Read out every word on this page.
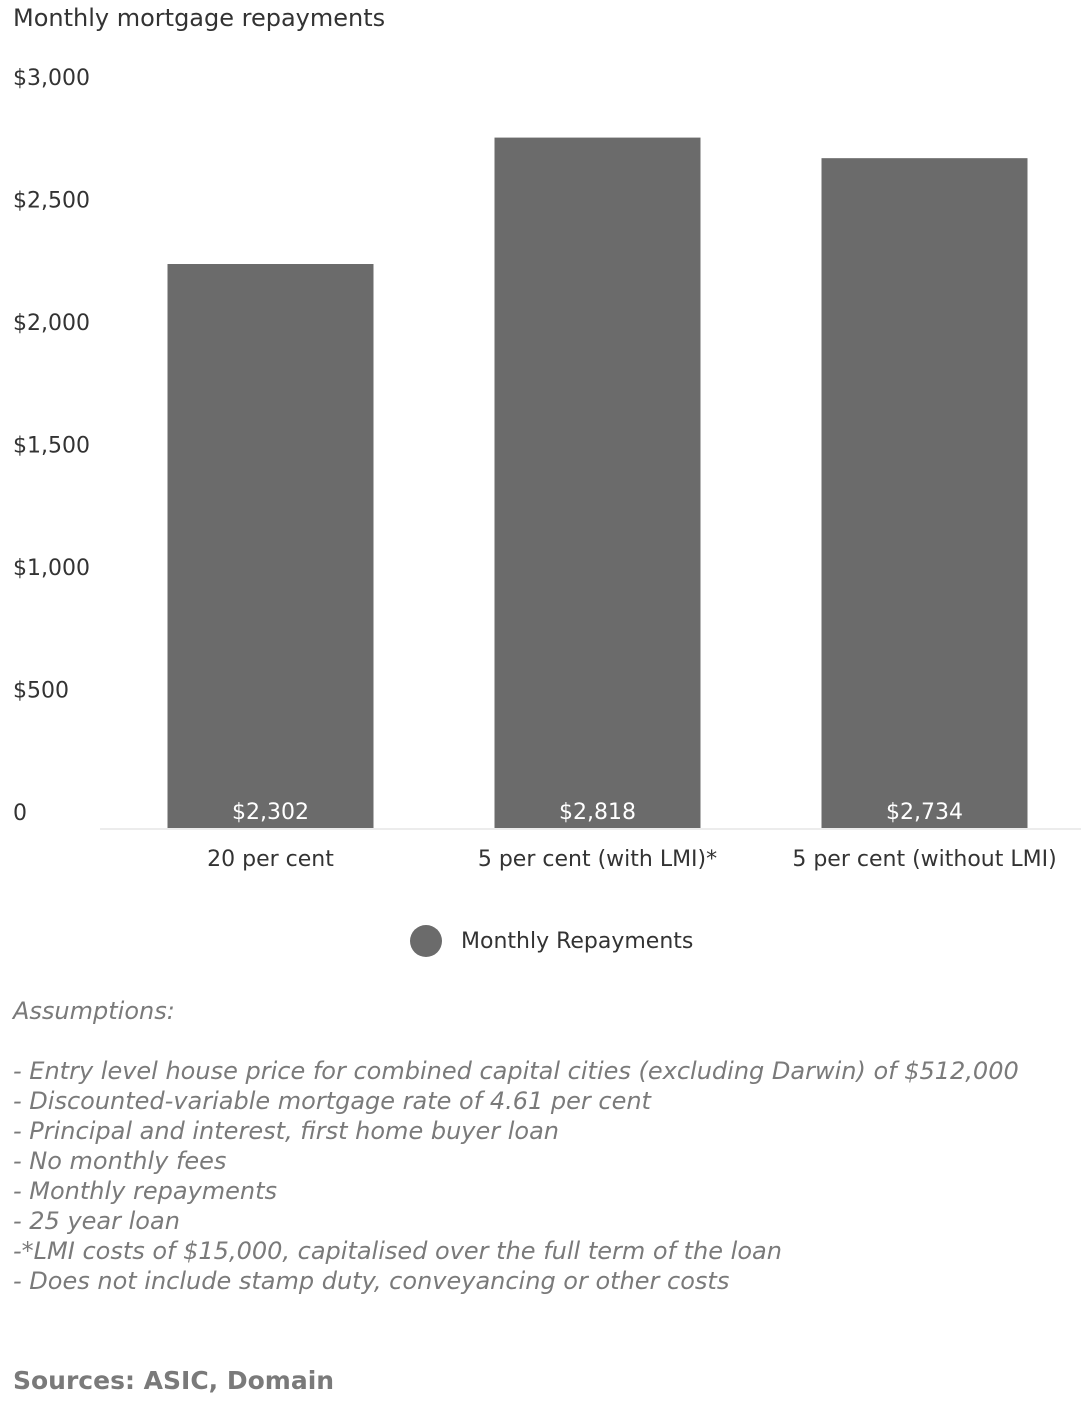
Monthly mortgage repayments
0
$500
$1,000
$1,500
$2,000
$2,500
$3,000
$2,302	$2,818	$2,734
20 per cent	5 per cent (with LMI)*	5 per cent (without LMI)
Monthly Repayments
Assumptions:
- Entry level house price for combined capital cities (excluding Darwin) of $512,000
- Discounted-variable mortgage rate of 4.61 per cent
- Principal and interest, first home buyer loan
- No monthly fees
- Monthly repayments
- 25 year loan
-*LMI costs of $15,000, capitalised over the full term of the loan
- Does not include stamp duty, conveyancing or other costs
Sources: ASIC, Domain
